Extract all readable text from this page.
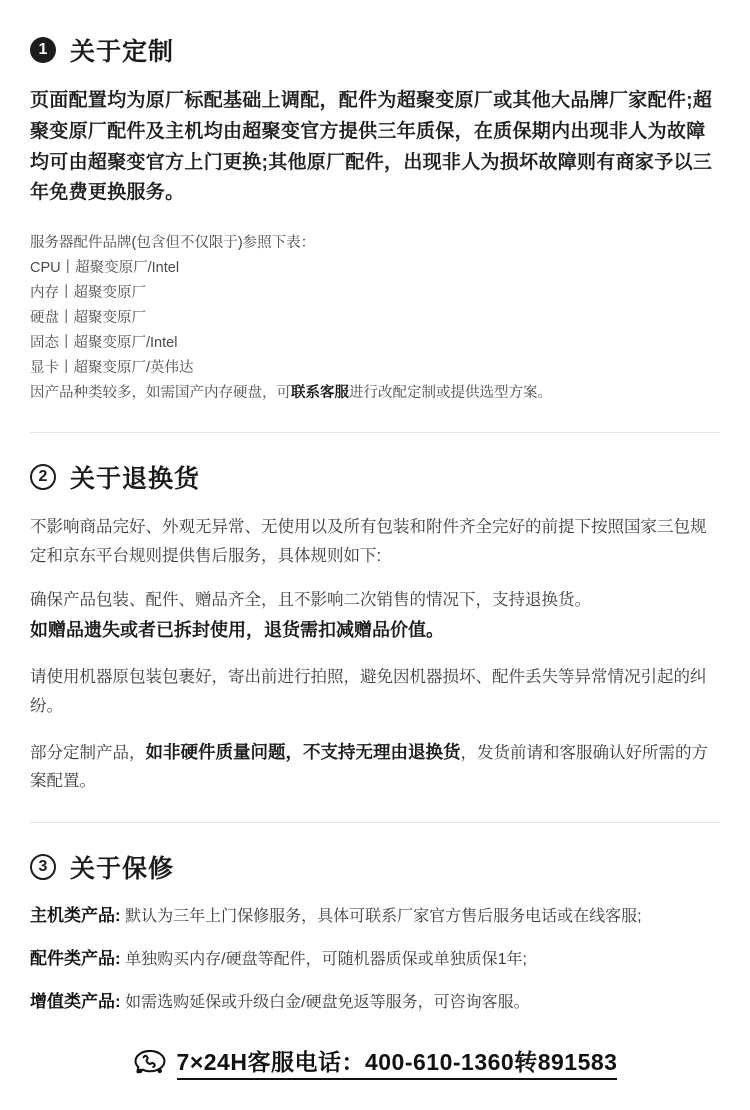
1 关于定制

页面配置均为原厂标配基础上调配，配件为超聚变原厂或其他大品牌厂家配件;超聚变原厂配件及主机均由超聚变官方提供三年质保，在质保期内出现非人为故障均可由超聚变官方上门更换;其他原厂配件，出现非人为损坏故障则有商家予以三年免费更换服务。

服务器配件品牌(包含但不仅限于)参照下表：
CPU丨超聚变原厂/Intel
内存丨超聚变原厂
硬盘丨超聚变原厂
固态丨超聚变原厂/Intel
显卡丨超聚变原厂/英伟达
因产品种类较多，如需国产内存硬盘，可联系客服进行改配定制或提供选型方案。
2 关于退换货

不影响商品完好、外观无异常、无使用以及所有包装和附件齐全完好的前提下按照国家三包规定和京东平台规则提供售后服务，具体规则如下:

确保产品包装、配件、赠品齐全，且不影响二次销售的情况下，支持退换货。
如赠品遗失或者已拆封使用，退货需扣减赠品价值。

请使用机器原包装包裹好，寄出前进行拍照，避免因机器损坏、配件丢失等异常情况引起的纠纷。

部分定制产品，如非硬件质量问题，不支持无理由退换货，发货前请和客服确认好所需的方案配置。

3 关于保修

主机类产品: 默认为三年上门保修服务，具体可联系厂家官方售后服务电话或在线客服;

配件类产品: 单独购买内存/硬盘等配件，可随机器质保或单独质保1年;

增值类产品: 如需选购延保或升级白金/硬盘免返等服务，可咨询客服。

7×24H客服电话：400-610-1360转891583
